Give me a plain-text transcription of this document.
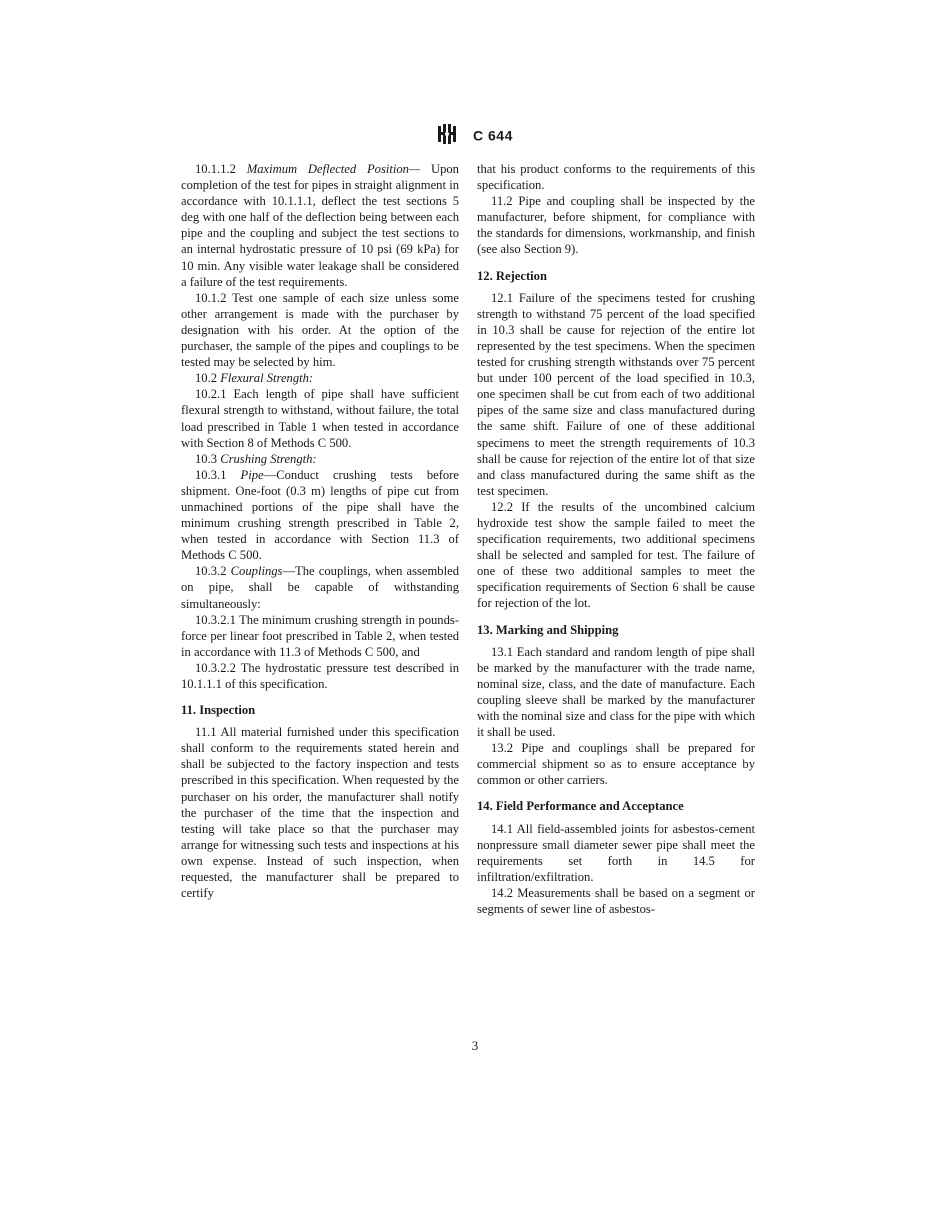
C 644

10.1.1.2 Maximum Deflected Position— Upon completion of the test for pipes in straight alignment in accordance with 10.1.1.1, deflect the test sections 5 deg with one half of the deflection being between each pipe and the coupling and subject the test sections to an internal hydrostatic pressure of 10 psi (69 kPa) for 10 min. Any visible water leakage shall be considered a failure of the test requirements.

10.1.2 Test one sample of each size unless some other arrangement is made with the purchaser by designation with his order. At the option of the purchaser, the sample of the pipes and couplings to be tested may be selected by him.

10.2 Flexural Strength:

10.2.1 Each length of pipe shall have sufficient flexural strength to withstand, without failure, the total load prescribed in Table 1 when tested in accordance with Section 8 of Methods C 500.

10.3 Crushing Strength:

10.3.1 Pipe—Conduct crushing tests before shipment. One-foot (0.3 m) lengths of pipe cut from unmachined portions of the pipe shall have the minimum crushing strength prescribed in Table 2, when tested in accordance with Section 11.3 of Methods C 500.

10.3.2 Couplings—The couplings, when assembled on pipe, shall be capable of withstanding simultaneously:

10.3.2.1 The minimum crushing strength in pounds-force per linear foot prescribed in Table 2, when tested in accordance with 11.3 of Methods C 500, and

10.3.2.2 The hydrostatic pressure test described in 10.1.1.1 of this specification.

11. Inspection

11.1 All material furnished under this specification shall conform to the requirements stated herein and shall be subjected to the factory inspection and tests prescribed in this specification. When requested by the purchaser on his order, the manufacturer shall notify the purchaser of the time that the inspection and testing will take place so that the purchaser may arrange for witnessing such tests and inspections at his own expense. Instead of such inspection, when requested, the manufacturer shall be prepared to certify

that his product conforms to the requirements of this specification.

11.2 Pipe and coupling shall be inspected by the manufacturer, before shipment, for compliance with the standards for dimensions, workmanship, and finish (see also Section 9).

12. Rejection

12.1 Failure of the specimens tested for crushing strength to withstand 75 percent of the load specified in 10.3 shall be cause for rejection of the entire lot represented by the test specimens. When the specimen tested for crushing strength withstands over 75 percent but under 100 percent of the load specified in 10.3, one specimen shall be cut from each of two additional pipes of the same size and class manufactured during the same shift. Failure of one of these additional specimens to meet the strength requirements of 10.3 shall be cause for rejection of the entire lot of that size and class manufactured during the same shift as the test specimen.

12.2 If the results of the uncombined calcium hydroxide test show the sample failed to meet the specification requirements, two additional specimens shall be selected and sampled for test. The failure of one of these two additional samples to meet the specification requirements of Section 6 shall be cause for rejection of the lot.

13. Marking and Shipping

13.1 Each standard and random length of pipe shall be marked by the manufacturer with the trade name, nominal size, class, and the date of manufacture. Each coupling sleeve shall be marked by the manufacturer with the nominal size and class for the pipe with which it shall be used.

13.2 Pipe and couplings shall be prepared for commercial shipment so as to ensure acceptance by common or other carriers.

14. Field Performance and Acceptance

14.1 All field-assembled joints for asbestos-cement nonpressure small diameter sewer pipe shall meet the requirements set forth in 14.5 for infiltration/exfiltration.

14.2 Measurements shall be based on a segment or segments of sewer line of asbestos-

3
